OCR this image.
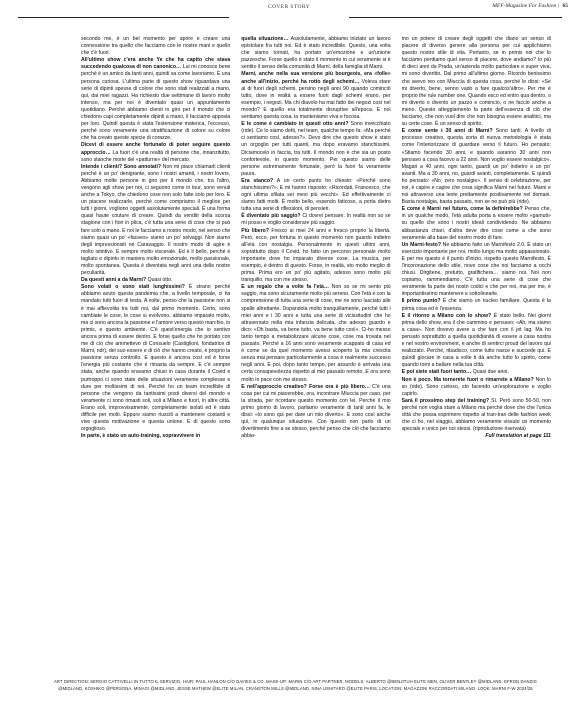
COVER STORY	MFF-Magazine For Fashion | 65

secondo me, è un bel momento per aprire e creare una connessione tra quello che facciamo con le nostre mani e quello che c'è fuori.

All'ultimo show c'era anche Ye che ha capito che stava succedendo qualcosa di non canonico… Lui mi conosce bene perché è un amico da tanti anni, quindi sa come lavoriamo. È una persona curiosa. L'ultima parte di questo show riguardava una serie di dipinti spesse di colore che sono stati realizzati a mano, qui, dai miei ragazzi. Ha richiesto due settimane di lavoro molto intenso, ma per noi è diventato quasi un appuntamento quotidiano. Perché abbiamo clienti in giro per il mondo che ci chiedono capi completamente dipinti a mano, il facciamo apposta per loro. Quindi questa è stata l'estensione materica, l'eccesso, perché sono veramente una stratificazione di colore su colore che ha creato queste specie di corazze.

Dicevi di essere anche fortunato di poter seguire questo approccio… La fuori c'è una realtà di persone che, innanzitutto, sono stanche morte del «patturne» del mercato.

Intende i clienti? Sono annoiati? Non mi piace chiamarli clienti perché è un po' denigrante, sono i nostri amanti, i nostri lovers. Abbiamo molte persone in giro per il mondo che, tra l'altro, vengono agli show per noi, ci seguono come in tour, sono venuti anche a Tokyo, che chiedono cose non solo fatte solo per loro. E un piacere realizzarle, perché come compriamo il meglioe per tutti i giorni, vogliono oggetti assolutamente speciali. È una forma quasi haute couture di creare. Quindi da venditi della scorsa stagione con i fiori in plica, c'è tutta una serie di cose che si può fare solo a mano. E noi le facciamo a nostro modo, nel senso che siamo quasi un po' «fauves» siamo un po' selvaggi. Non siamo degli impressionisti né Caravaggio. Il nostro modo di agire è molto istintivo. E sempre molto viscerale. Ed è il bello, perché è tagliato e dipinto in maniera molto emozionale, molto passionale, molto spontanea. Questa è diventata negli anni una delle nostre peculiarità.

Da questi anni a da Marni? Quasi otto.

Sono volati o sono stati lunghissimi? È strano perché abbiamo avuto questa pandemia che, a livello temporale, ci ha mandato tutti fuori di testa. A volte, penso che la passione non si è mai affievolita tra tutti noi, dal primo momento. Certo, sono cambiate le cose, le cose si evolvono, abbiamo imparato molto, ma ci sono ancora la passione e l'amore verso questo marchio, in primis, e questo ambiente. C'è quest'energia che io sentivo ancora prima di essere dentro. E forse quello che ho portato con me di cio che ammettevo di Consuelo (Castiglioni, fondatrice di Marni, ndr), del suo essere e di ciò che hanno creato, è proprio la passione senza controllo. E questo è ancora così ed è forse l'energia più costante che è rimasta da sempre. E c'è sempre stata, anche quando eravamo chiusi in casa durante il Covid e purtroppo ci sono state delle situazioni veramente complesse e dure per moltissimi di noi. Perché ho un team incredibile di persone che vengono da tantissimi posti diversi del mondo e veramente ci sono rimasti soli, soli a Milano e fuori, in altre città. Erano soli, improvvisamente, completamente isolati ed è stato difficile per molti. Eppure siamo riusciti a mantenere costanti e vive questa motivazione e questa unione. E di questo sono orgoglioso.

In parte, è stato un auto-training, sopravvivere in

quella situazione… Assolutamente, abbiamo iniziato un lavoro epistolare fra tutti noi. Ed è stato incredibile. Questo, una volta che siamo tornati, ha portato un'emozione e un'unione pazzesche. Forse quello è stato il momento in cui veramente si è sentito il senso della comunità di Marni, della famiglia di Marni.

Marni, anche nella sua versione più bourgeois, era «folle» anche all'inizio, perché ha rotto degli schemi… Voleva stare al di fuori degli schemi, persino negli anni 90 quando cominciò tutto, dove in realtà a essere fuori dagli schemi erano, per esempio, i negozi. Ma chi diavolo ha mai fatto dei negozi così nel mondo? E quello era totalmente disruptive all'epoca. E noi sentiamo questa cosa, la manteniamo viva e focosa.

E le come è cambiato in questi otto anni? Sono invecchiato (ride). Ce lo siamo detti, nel team, qualche tempo fa: «Ma perché ci sentiamo così, adesso?». Devo dire che questo show è stato un orgoglio per tutti quanti, ma dopo eravamo stanchissimi. Diciamocelo in faccia, tra tutti. Il mondo non è che sia un posto confortevole, in questo momento. Per questo siamo delle persone estremamente fortunate, però la fuori fa veramente paura.

Era stanco? A un certo punto ho chiesto: «Perché sono stanchissimo?». E mi hanno risposto: «Ricordati, Francesco, che ogni ultima sfilata sei mesi più vecchi». Ed effettivamente ci siamo fatti molti. È molto bello, essendo faticoso, a porta dietro tutta una serie di riflessioni, di pensieri.

È diventato più saggio? Ci dovrei pensare. In realtà non so se mi posso e voglio considerare più saggio.

Più libero? Fresco ai miei 24 anni e fresco proprio la libertà. Però, ecco, per fortuna in questo momento non guardo indietro all'età con nostalgia. Personalmente in questi ultimi anni, soprattutto dopo il Covid, ho fatto un percorso personale molto importante dove ho imparato diverse cose. La musica, per esempio, è dentro di questo. Forse, in realtà, sto molto meglio di prima. Prima ero un po' più agitato, adesso sono molto più tranquillo, ma con me stesso.

E un regalo che a volte fa l'età… Non so se mi sento più saggio, ma sono sicuramente molto più sereno. Con l'età e con la comprensione di tutta una serie di cose, me ne sono lasciato alle spalle altrettante. Dopandola molto tranquillamente, perché tutti i miei anni e i 30 anni e tutta una serie di vicissitudini che ho attraversato nella mia infanzia delicata, che adesso guardo e dico: «Oh basta, va bene tutto, va bene tutto così». Ci-ho messo tanto tempo a metabolizzare alcune cose, cose ma trovata nel passato. Perché a 16 anni sono veramente scappato di casa ed è come se da quel momento avessi scoperto la mia crescita senza mai pensare particolarmente a cosa è realmente successo negli anni. E poi, dopo tanto tempo, per assurdo è arrivata una certa consapevolezza rispetto al mio passato remoto. E ora sono molto in pace con me stesso.

E nell'approccio creativo? Forse ora è più libero… C'è una cosa per cui mi piacerebbe, ora, incontrare Miuccia per caso, per la strada, per ricordare questo momento con lei. Perché il mio primo giorno di lavoro, parliamo veramente di tanti anni fa, le dissi: «lo sono qui per dare un mio diverto». E sono così anche qui, in qualunque situazione. Con questo non parlo di un divertimento fine a se stesso, perché penso che ciò che facciamo abbia-

mo un potere di creare degli oggetti che diano un senso di piacere di diverso genere alla persona per cui applichiamo questo nostro stile di vita. Pertanto, se in primis noi che lo facciamo perdiamo quel senso di piacere, dove andiamo? Io più di dieci anni da Prada, un'azienda molto particolare e super viva, mi sono divertito. Dal primo all'ultimo giorno. Ricordo benissimo che avevo reo con Miuccia di questa cosa, perché le dissi: «Se mi diverto, bene, senno vado a fare qualcos'altro». Per me è proprio the rule number one. Quando esco ed entro qua dentro, o mi diverto o divento un pazzo e comincio, o ne faccio anche a meno. Questo atteggiamento fa parte dell'essenza di ciò che facciamo, che non vuol dire che non bisogna essere analitici, ma su certe cose. È un senso di spirito.

E come sente i 30 anni di Marni? Sono tanti. A livello di processo creativo, questa sorta di nuova metodologia è stata come l'interiorizzare di guardare verso il futuro. Ho pensato: «Stiamo facendo 30 anni, e quando saranno 30 anni non pensavo a cosa facevo a 22 anni. Non voglio essere nostalgico». Magari a 40 anni, ogni tanto, guardi un po' indietro e un po' avanti. Ma a 30 anni, no, guardi avanti, completamente. E quindi ho pensato: «No, zero nostalgie». Il senso di celebrazione, per noi, è capire e capire che cosa significa Marni nel futuro. Marni e noi attraverso una lente prettamente positivamente nel domani. Basta nostalgia, basta passato, non se ne può più (ride).

E come è Marni nel futuro, come la definirebbe? Penso che, in un qualche modo, l'età adulta porta a essere molto «gamuti» su quello che sono i nostri ideali condividendo. Ne abbiamo abbastanza chiari, d'altra deve dire cose come a che sono veramente alla base del nostro modo di fare.

Un Marni-festo? Ne abbiamo fatto un Marnifesto 2.0. È stato un esercizio importante per noi, molto lungo ma molto appassionato. E per me questo è il punto d'inizio, rispetto questo Marnifesto. È l'incoronazione dello stile, nove cose che noi facciamo a occhi chiusi. Dirgitene, pretutto, gratifichera… siamo noi. Noi non copiamo, rammendiamo. C'è tutta una serie di cose che veramente fa parte dei nostri codici e che per noi, ma per me, è importantissimo mantenere e sottolinearle.

Il primo punto? È che siamo un nucleo familiare. Questa è la prima cosa ed è l'essenza.

E il ritorno a Milano con lo show? È stato bello. Nei giorni prima dello show, era il che cammino e pensavo: «Ah, ma siamo a casa». Non dovevo avere a che fare con il jet lag. Ma ho pensato soprattutto a quella quotidianità di essere a casa nostra e nel nostro environment, e anche di sentirci proud del lavoro qui realizzato. Perché, ribadisco, come tutto nasce e succede qui. E quindi giocare in casa a volte ti dà anche tutto lo spirito, come quando torni a ballare nella tua città.

E poi siete stati fuori tanto… Quasi due anni.

Non è poco. Ma tornerete fuori o rimarrete a Milano? Non lo so (ride). Sono curioso, sto facendo un'esplorazione e voglio capirlo.

Sarà il prossimo step del training? Sì. Però sono 50-50, non perché non voglia stare a Milano ma perché dove che che l'unica città che possa esprimere rispetto al tran-tran delle fashion week che ci ho, nel viaggio, abbiamo veramente vissuto un momento speciale e unico per noi stessi. (riproduzione riservata)

Full translation at page 111

ART DIRECTION: SERGIO CATTIVELLI IN TUTTO IL SERVIZIO, HAIR: PAUL HANLON C/O DAVIES & CO. MAKE-UP: MARIN C/O ART PARTNER. MODELS: ALBERTO @BENJITUH ELITE MEN, OLIVER BENTLEY @MIDLAND, EFRON DANZIG @MIDLAND, KOSHIKO @PERSONA, MINAGI @MIDLAND, JESSE MATHEW @ELITE MILAN, CRANSTON MILLS @MIDLAND, NINA USHITARO @ELITE PARIS, LOCATION: MAGAZZINI RACCORDATI MILANO. LOOK: MARNI F-W 2024/25
